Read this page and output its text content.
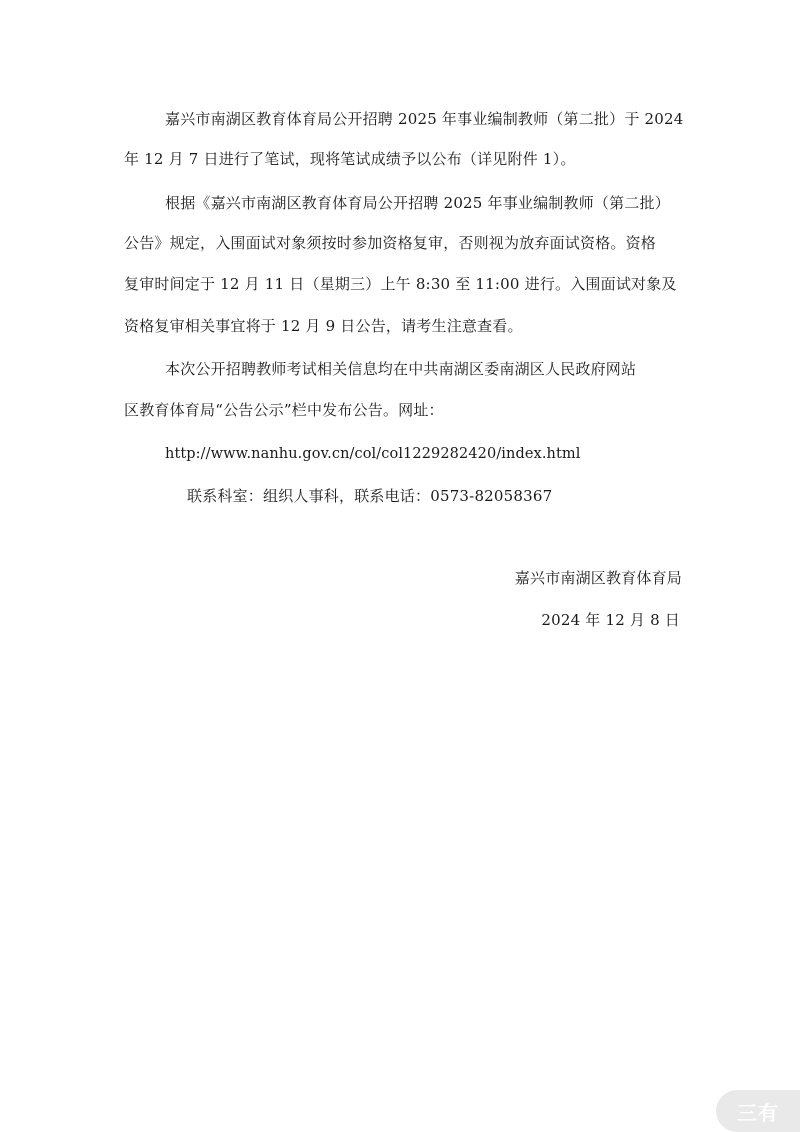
嘉兴市南湖区教育体育局公开招聘 2025 年事业编制教师（第二批）于 2024
年 12 月 7 日进行了笔试，现将笔试成绩予以公布（详见附件 1）。
根据《嘉兴市南湖区教育体育局公开招聘 2025 年事业编制教师（第二批）
公告》规定，入围面试对象须按时参加资格复审，否则视为放弃面试资格。资格
复审时间定于 12 月 11 日（星期三）上午 8:30 至 11:00 进行。入围面试对象及
资格复审相关事宜将于 12 月 9 日公告，请考生注意查看。
本次公开招聘教师考试相关信息均在中共南湖区委南湖区人民政府网站
区教育体育局“公告公示”栏中发布公告。网址：
http://www.nanhu.gov.cn/col/col1229282420/index.html
联系科室：组织人事科，联系电话：0573-82058367
嘉兴市南湖区教育体育局
2024 年 12 月 8 日
三有
